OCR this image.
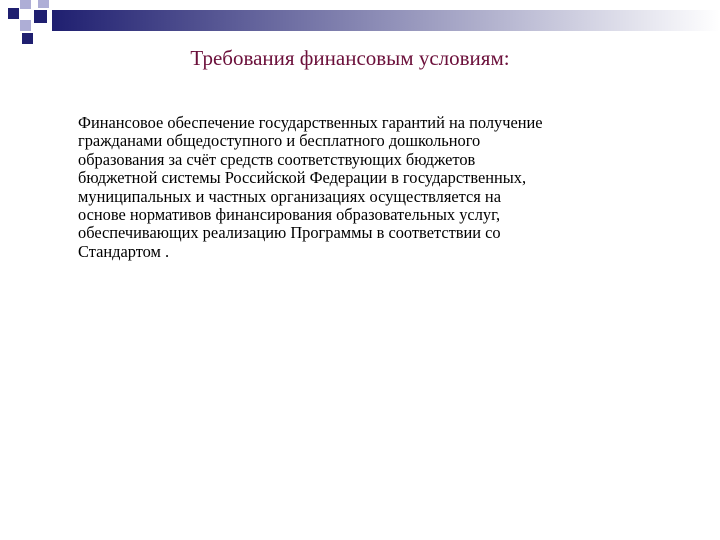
Требования финансовым условиям:

Финансовое обеспечение государственных гарантий на получение
гражданами общедоступного и бесплатного дошкольного
образования за счёт средств соответствующих бюджетов
бюджетной системы Российской Федерации в государственных,
муниципальных и частных организациях осуществляется на
основе нормативов финансирования образовательных услуг,
обеспечивающих реализацию Программы в соответствии со
Стандартом .
